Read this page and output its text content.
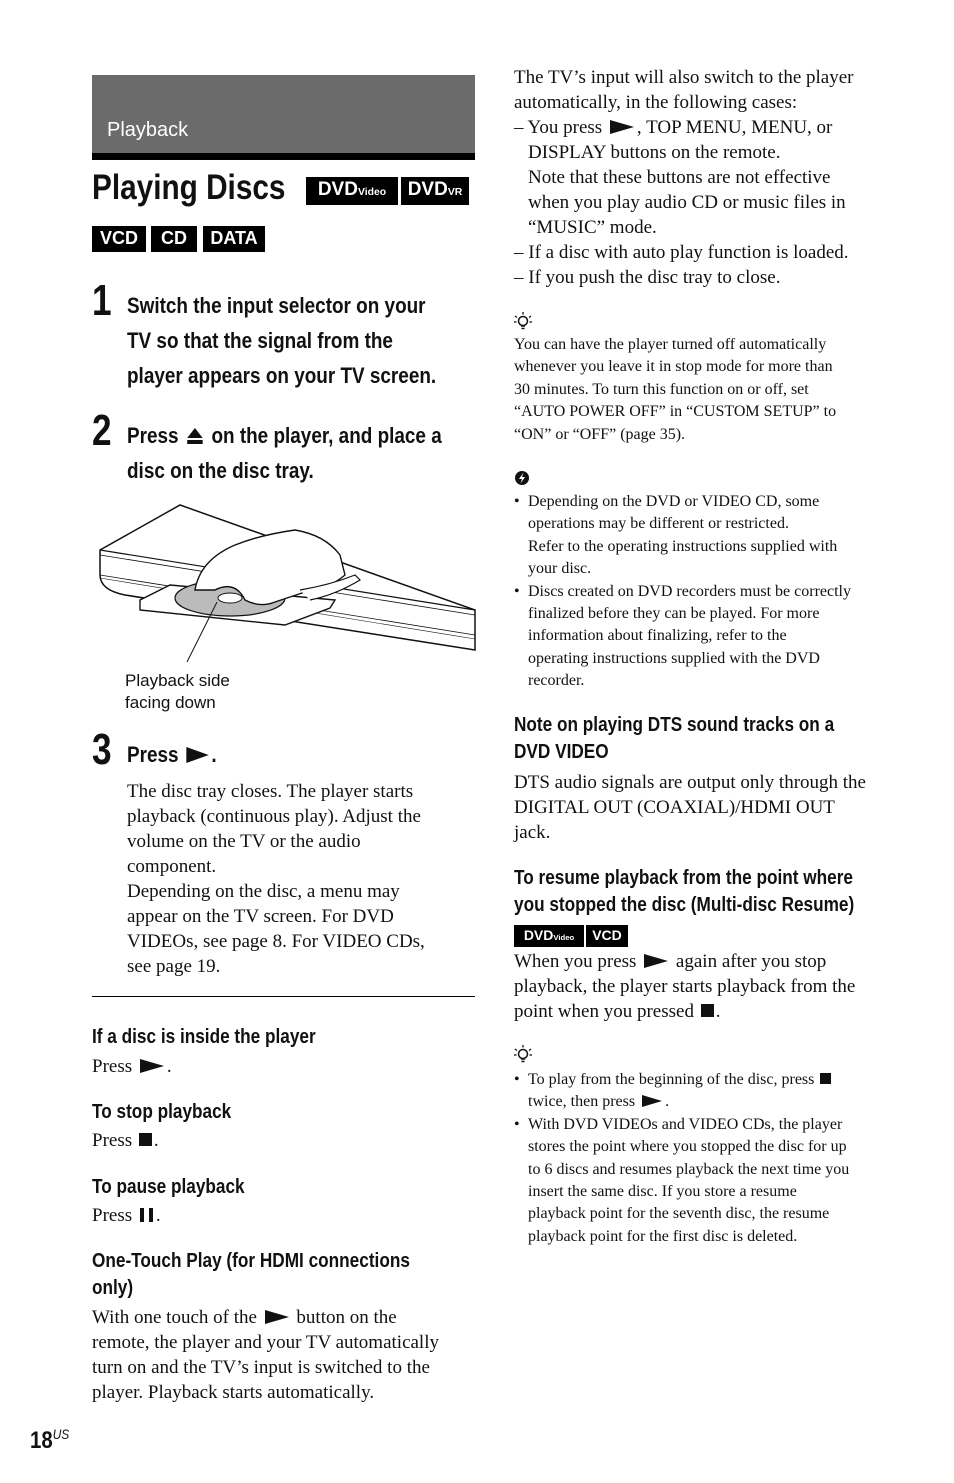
Playback
Playing Discs	DVDVideo	DVDVR
VCD	CD	DATA
1 Switch the input selector on your
TV so that the signal from the
player appears on your TV screen.
2 Press on the player, and place a
disc on the disc tray.
Playback side
facing down
3 Press .
The disc tray closes. The player starts
playback (continuous play). Adjust the
volume on the TV or the audio
component.
Depending on the disc, a menu may
appear on the TV screen. For DVD
VIDEOs, see page 8. For VIDEO CDs,
see page 19.
If a disc is inside the player
Press .
To stop playback
Press .
To pause playback
Press .
One-Touch Play (for HDMI connections
only)
With one touch of the button on the
remote, the player and your TV automatically
turn on and the TV’s input is switched to the
player. Playback starts automatically.
$18^{US}$
The TV’s input will also switch to the player
automatically, in the following cases:
– You press , TOP MENU, MENU, or
DISPLAY buttons on the remote.
Note that these buttons are not effective
when you play audio CD or music files in
“MUSIC” mode.
– If a disc with auto play function is loaded.
– If you push the disc tray to close.
You can have the player turned off automatically
whenever you leave it in stop mode for more than
30 minutes. To turn this function on or off, set
“AUTO POWER OFF” in “CUSTOM SETUP” to
“ON” or “OFF” (page 35).
• Depending on the DVD or VIDEO CD, some
operations may be different or restricted.
Refer to the operating instructions supplied with
your disc.
• Discs created on DVD recorders must be correctly
finalized before they can be played. For more
information about finalizing, refer to the
operating instructions supplied with the DVD
recorder.
Note on playing DTS sound tracks on a
DVD VIDEO
DTS audio signals are output only through the
DIGITAL OUT (COAXIAL)/HDMI OUT
jack.
To resume playback from the point where
you stopped the disc (Multi-disc Resume)
DVDVideo	VCD
When you press again after you stop
playback, the player starts playback from the
point when you pressed .
• To play from the beginning of the disc, press
twice, then press .
• With DVD VIDEOs and VIDEO CDs, the player
stores the point where you stopped the disc for up
to 6 discs and resumes playback the next time you
insert the same disc. If you store a resume
playback point for the seventh disc, the resume
playback point for the first disc is deleted.
